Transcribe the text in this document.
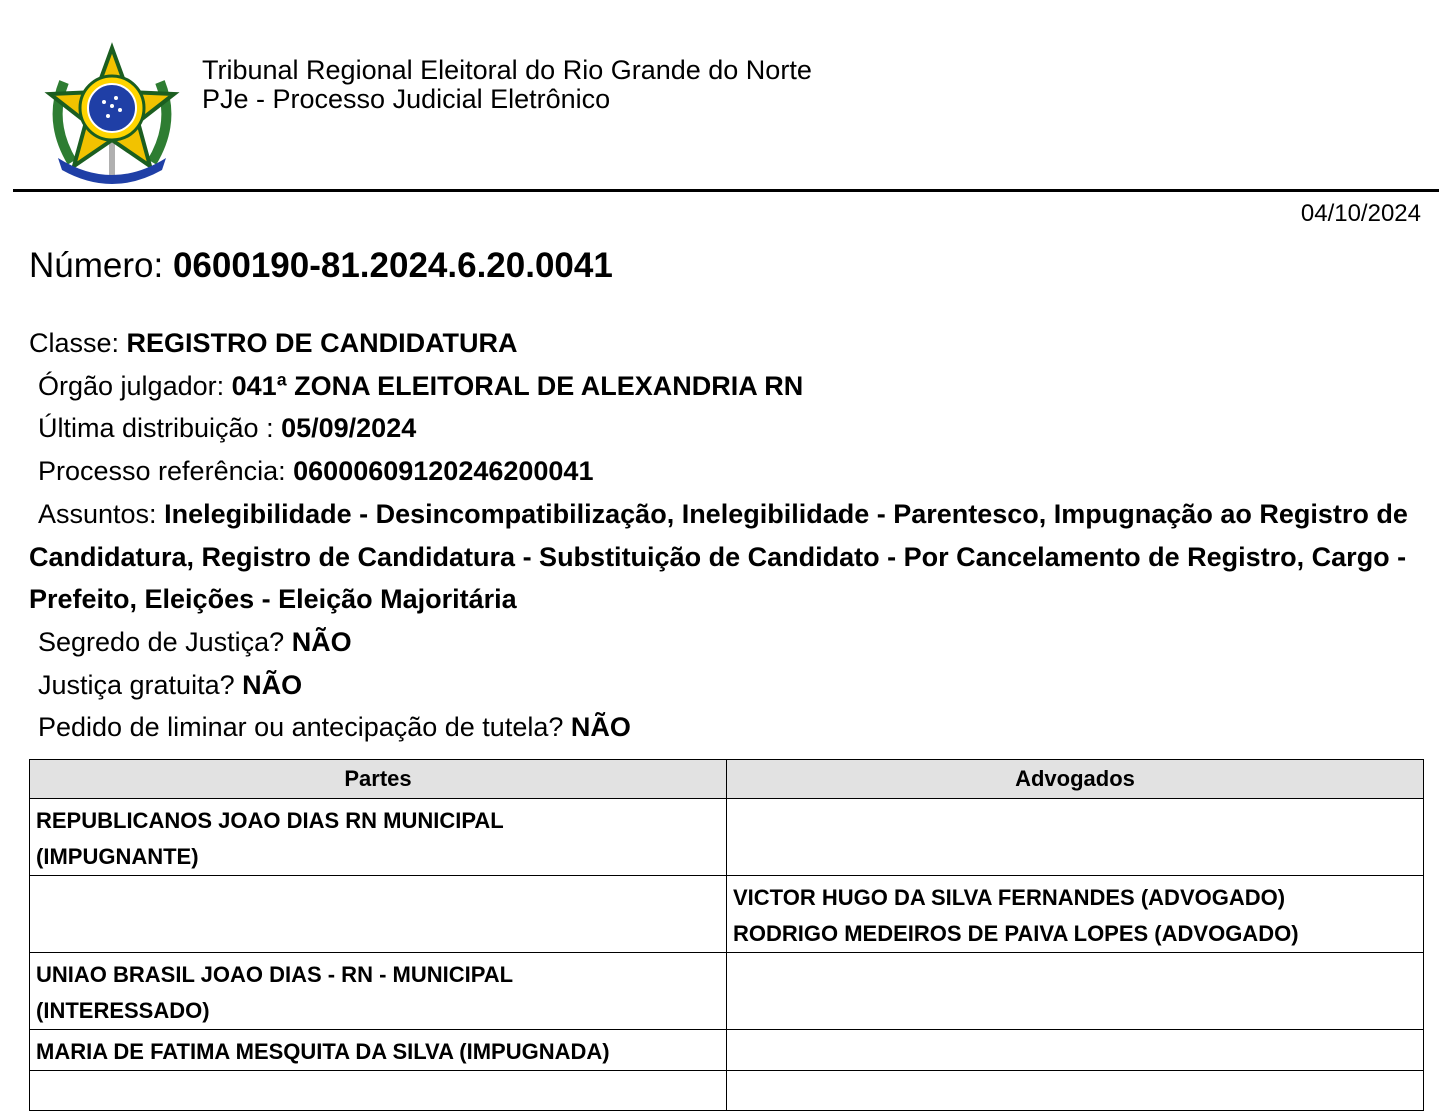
Tribunal Regional Eleitoral do Rio Grande do Norte
PJe - Processo Judicial Eletrônico
04/10/2024
Número: 0600190-81.2024.6.20.0041

Classe: REGISTRO DE CANDIDATURA

Órgão julgador: 041ª ZONA ELEITORAL DE ALEXANDRIA RN

Última distribuição : 05/09/2024

Processo referência: 06000609120246200041

Assuntos: Inelegibilidade - Desincompatibilização, Inelegibilidade - Parentesco, Impugnação ao Registro de Candidatura, Registro de Candidatura - Substituição de Candidato - Por Cancelamento de Registro, Cargo - Prefeito, Eleições - Eleição Majoritária

Segredo de Justiça? NÃO

Justiça gratuita? NÃO

Pedido de liminar ou antecipação de tutela? NÃO

Partes	Advogados

REPUBLICANOS JOAO DIAS RN MUNICIPAL
(IMPUGNANTE)	

	VICTOR HUGO DA SILVA FERNANDES (ADVOGADO)
RODRIGO MEDEIROS DE PAIVA LOPES (ADVOGADO)

UNIAO BRASIL JOAO DIAS - RN - MUNICIPAL
(INTERESSADO)	

MARIA DE FATIMA MESQUITA DA SILVA (IMPUGNADA)	
